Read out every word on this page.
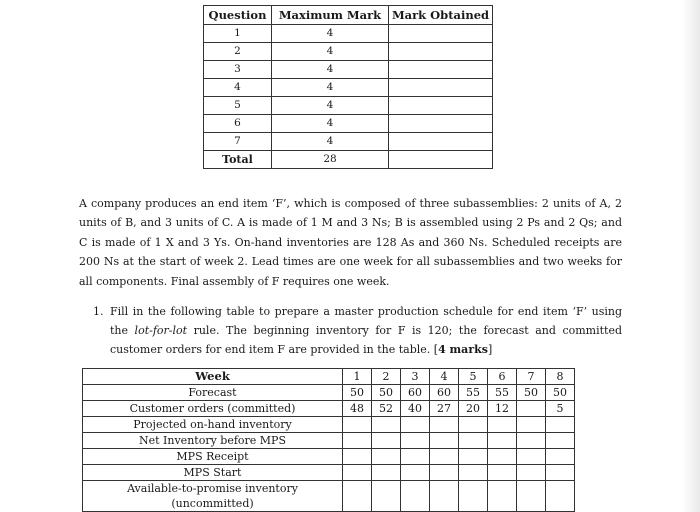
Question	Maximum Mark	Mark Obtained
1	4	
2	4	
3	4	
4	4	
5	4	
6	4	
7	4	
Total	28	

A company produces an end item ‘F’, which is composed of three subassemblies: 2 units of A, 2 units of B, and 3 units of C. A is made of 1 M and 3 Ns; B is assembled using 2 Ps and 2 Qs; and C is made of 1 X and 3 Ys. On-hand inventories are 128 As and 360 Ns. Scheduled receipts are 200 Ns at the start of week 2. Lead times are one week for all subassemblies and two weeks for all components. Final assembly of F requires one week.

1. Fill in the following table to prepare a master production schedule for end item ‘F’ using the lot-for-lot rule. The beginning inventory for F is 120; the forecast and committed customer orders for end item F are provided in the table. [4 marks]
Week	1	2	3	4	5	6	7	8
Forecast	50	50	60	60	55	55	50	50
Customer orders (committed)	48	52	40	27	20	12		5
Projected on-hand inventory								
Net Inventory before MPS								
MPS Receipt								
MPS Start								
Available-to-promise inventory (uncommitted)								
